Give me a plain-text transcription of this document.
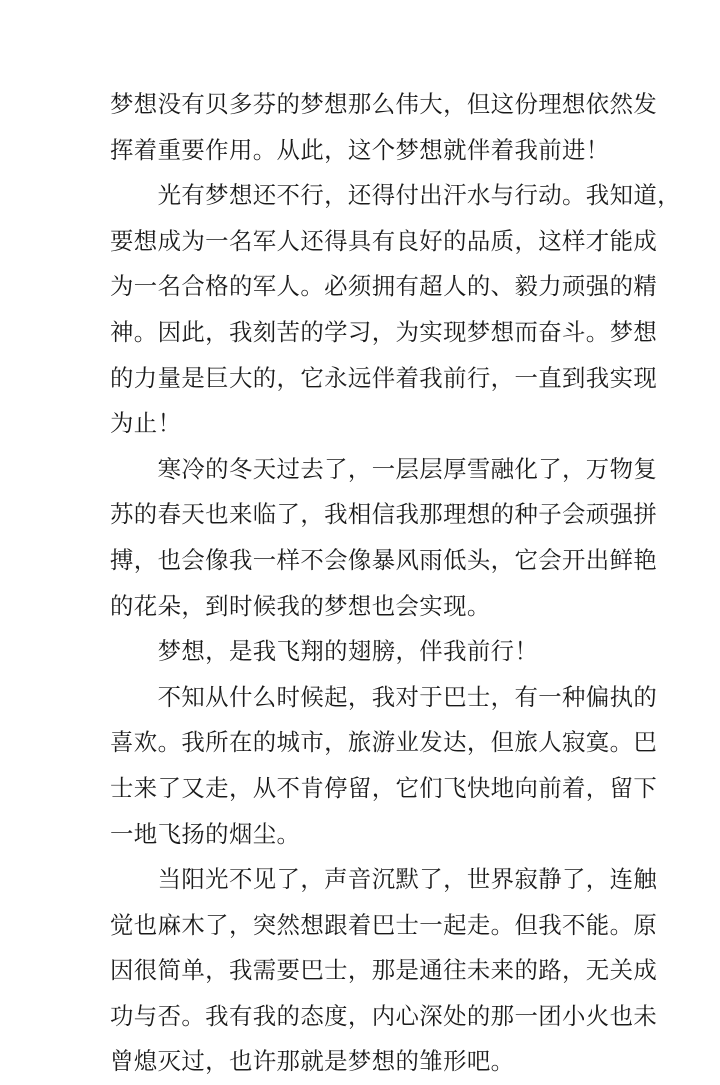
梦想没有贝多芬的梦想那么伟大，但这份理想依然发
挥着重要作用。从此，这个梦想就伴着我前进！
　　光有梦想还不行，还得付出汗水与行动。我知道，
要想成为一名军人还得具有良好的品质，这样才能成
为一名合格的军人。必须拥有超人的、毅力顽强的精
神。因此，我刻苦的学习，为实现梦想而奋斗。梦想
的力量是巨大的，它永远伴着我前行，一直到我实现
为止！
　　寒冷的冬天过去了，一层层厚雪融化了，万物复
苏的春天也来临了，我相信我那理想的种子会顽强拼
搏，也会像我一样不会像暴风雨低头，它会开出鲜艳
的花朵，到时候我的梦想也会实现。
　　梦想，是我飞翔的翅膀，伴我前行！
　　不知从什么时候起，我对于巴士，有一种偏执的
喜欢。我所在的城市，旅游业发达，但旅人寂寞。巴
士来了又走，从不肯停留，它们飞快地向前着，留下
一地飞扬的烟尘。
　　当阳光不见了，声音沉默了，世界寂静了，连触
觉也麻木了，突然想跟着巴士一起走。但我不能。原
因很简单，我需要巴士，那是通往未来的路，无关成
功与否。我有我的态度，内心深处的那一团小火也未
曾熄灭过，也许那就是梦想的雏形吧。
